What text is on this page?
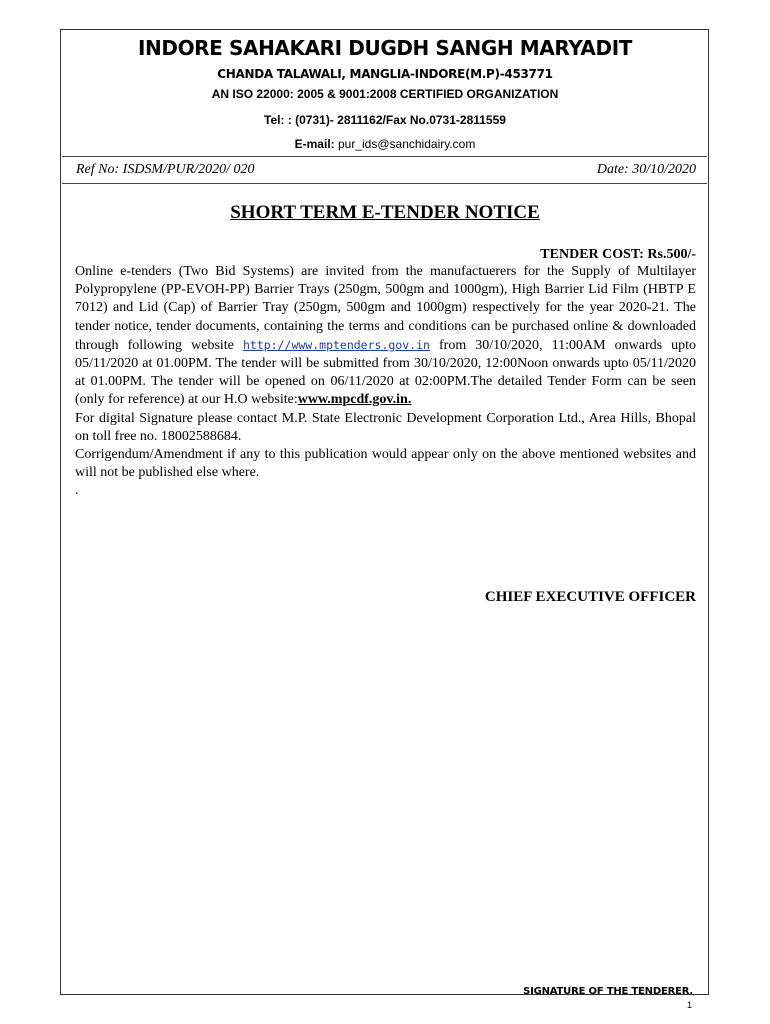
INDORE SAHAKARI DUGDH SANGH MARYADIT
CHANDA TALAWALI, MANGLIA-INDORE(M.P)-453771
AN ISO 22000: 2005 & 9001:2008 CERTIFIED ORGANIZATION
Tel: : (0731)- 2811162/Fax No.0731-2811559
E-mail: pur_ids@sanchidairy.com
Ref No: ISDSM/PUR/2020/ 020	Date: 30/10/2020
SHORT TERM E-TENDER NOTICE
TENDER COST: Rs.500/-

Online e-tenders (Two Bid Systems) are invited from the manufactuerers for the Supply of Multilayer Polypropylene (PP-EVOH-PP) Barrier Trays (250gm, 500gm and 1000gm), High Barrier Lid Film (HBTP E 7012) and Lid (Cap) of Barrier Tray (250gm, 500gm and 1000gm) respectively for the year 2020-21. The tender notice, tender documents, containing the terms and conditions can be purchased online & downloaded through following website http://www.mptenders.gov.in from 30/10/2020, 11:00AM onwards upto 05/11/2020 at 01.00PM. The tender will be submitted from 30/10/2020, 12:00Noon onwards upto 05/11/2020 at 01.00PM. The tender will be opened on 06/11/2020 at 02:00PM.The detailed Tender Form can be seen (only for reference) at our H.O website:www.mpcdf.gov.in.

For digital Signature please contact M.P. State Electronic Development Corporation Ltd., Area Hills, Bhopal on toll free no. 18002588684.

Corrigendum/Amendment if any to this publication would appear only on the above mentioned websites and will not be published else where.

.

CHIEF EXECUTIVE OFFICER
SIGNATURE OF THE TENDERER.
1
